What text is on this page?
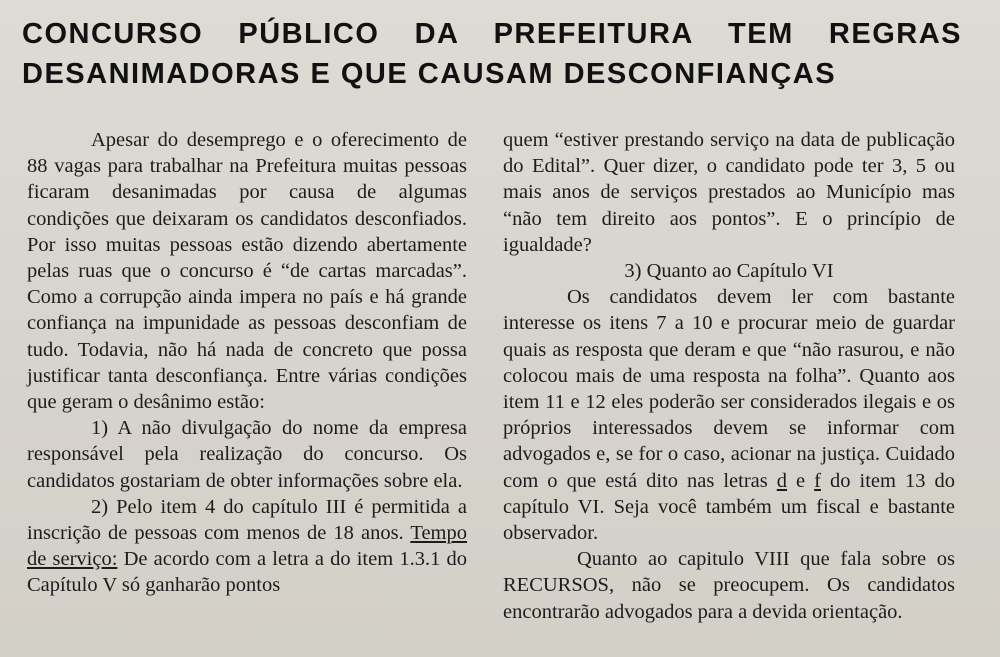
CONCURSO PÚBLICO DA PREFEITURA TEM REGRAS
DESANIMADORAS E QUE CAUSAM DESCONFIANÇAS

Apesar do desemprego e o oferecimento de 88 vagas para trabalhar na Prefeitura muitas pessoas ficaram desanimadas por causa de algumas condições que deixaram os candidatos desconfiados. Por isso muitas pessoas estão dizendo abertamente pelas ruas que o concurso é “de cartas marcadas”. Como a corrupção ainda impera no país e há grande confiança na impunidade as pessoas desconfiam de tudo. Todavia, não há nada de concreto que possa justificar tanta desconfiança. Entre várias condições que geram o desânimo estão:

1) A não divulgação do nome da empresa responsável pela realização do concurso. Os candidatos gostariam de obter informações sobre ela.

2) Pelo item 4 do capítulo III é permitida a inscrição de pessoas com menos de 18 anos. Tempo de serviço: De acordo com a letra a do item 1.3.1 do Capítulo V só ganharão pontos

quem “estiver prestando serviço na data de publicação do Edital”. Quer dizer, o candidato pode ter 3, 5 ou mais anos de serviços prestados ao Município mas “não tem direito aos pontos”. E o princípio de igualdade?

3) Quanto ao Capítulo VI

Os candidatos devem ler com bastante interesse os itens 7 a 10 e procurar meio de guardar quais as resposta que deram e que “não rasurou, e não colocou mais de uma resposta na folha”. Quanto aos item 11 e 12 eles poderão ser considerados ilegais e os próprios interessados devem se informar com advogados e, se for o caso, acionar na justiça. Cuidado com o que está dito nas letras d e f do item 13 do capítulo VI. Seja você também um fiscal e bastante observador.

Quanto ao capitulo VIII que fala sobre os RECURSOS, não se preocupem. Os candidatos encontrarão advogados para a devida orientação.
